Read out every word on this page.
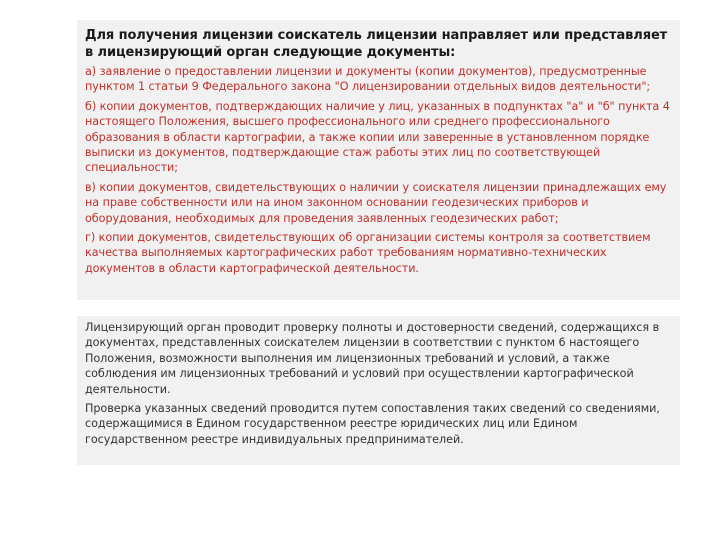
Для получения лицензии соискатель лицензии направляет или представляет в лицензирующий орган следующие документы:
а) заявление о предоставлении лицензии и документы (копии документов), предусмотренные пунктом 1 статьи 9 Федерального закона "О лицензировании отдельных видов деятельности";
б) копии документов, подтверждающих наличие у лиц, указанных в подпунктах "а" и "б" пункта 4 настоящего Положения, высшего профессионального или среднего профессионального образования в области картографии, а также копии или заверенные в установленном порядке выписки из документов, подтверждающие стаж работы этих лиц по соответствующей специальности;
в) копии документов, свидетельствующих о наличии у соискателя лицензии принадлежащих ему на праве собственности или на ином законном основании геодезических приборов и оборудования, необходимых для проведения заявленных геодезических работ;
г) копии документов, свидетельствующих об организации системы контроля за соответствием качества выполняемых картографических работ требованиям нормативно-технических документов в области картографической деятельности.
Лицензирующий орган проводит проверку полноты и достоверности сведений, содержащихся в документах, представленных соискателем лицензии в соответствии с пунктом 6 настоящего Положения, возможности выполнения им лицензионных требований и условий, а также соблюдения им лицензионных требований и условий при осуществлении картографической деятельности.
Проверка указанных сведений проводится путем сопоставления таких сведений со сведениями, содержащимися в Едином государственном реестре юридических лиц или Едином государственном реестре индивидуальных предпринимателей.
